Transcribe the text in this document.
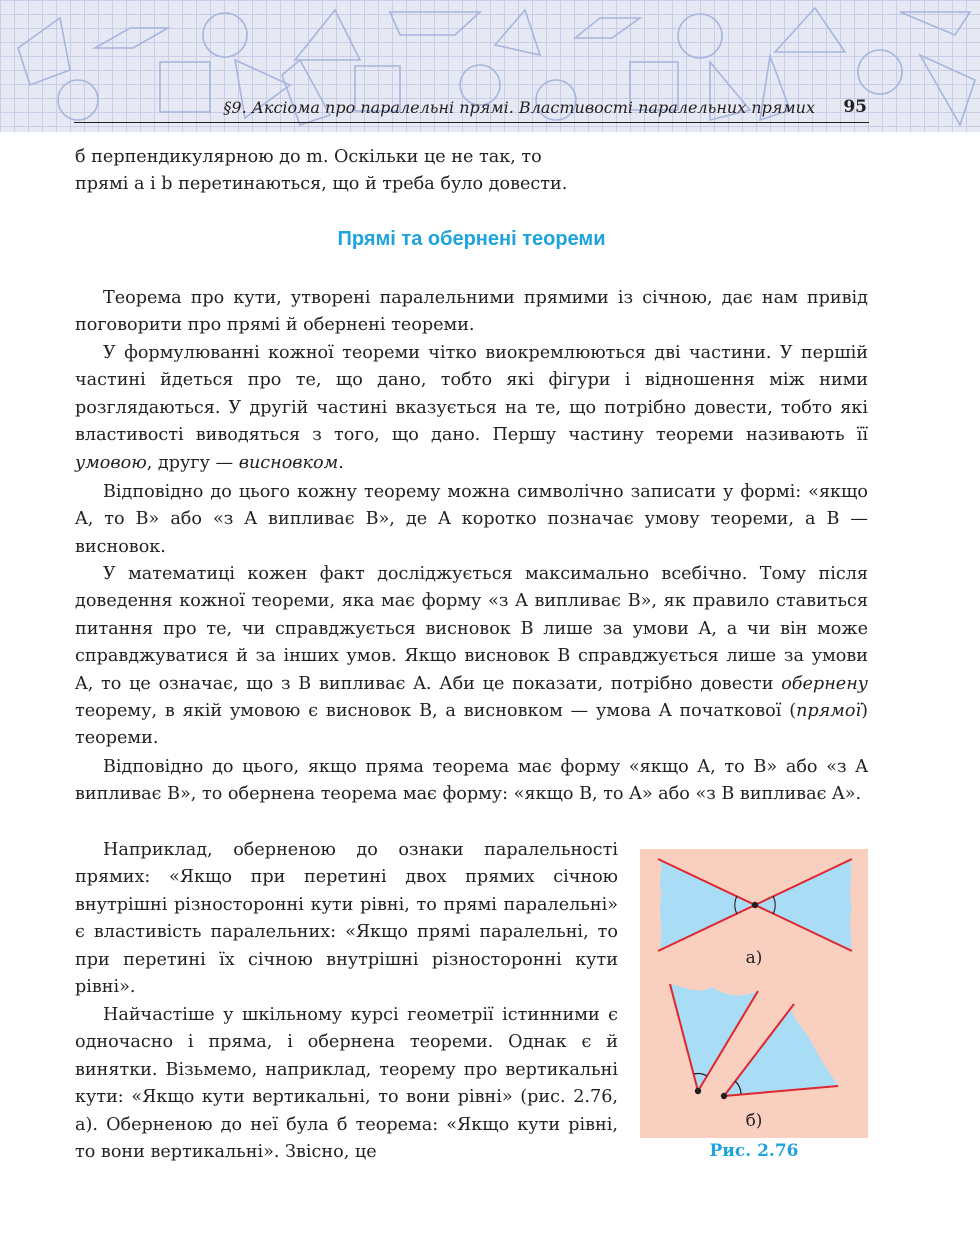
§9. Аксіома про паралельні прямі. Властивості паралельних прямих 95

б перпендикулярною до m. Оскільки це не так, то
прямі a і b перетинаються, що й треба було довести.

Прямі та обернені теореми

Теорема про кути, утворені паралельними прямими із січною, дає нам привід поговорити про прямі й обернені теореми.

У формулюванні кожної теореми чітко виокремлюються дві частини. У першій частині йдеться про те, що дано, тобто які фігури і відношення між ними розглядаються. У другій частині вказується на те, що потрібно довести, тобто які властивості виводяться з того, що дано. Першу частину теореми називають її умовою, другу — висновком.

Відповідно до цього кожну теорему можна символічно записати у формі: «якщо A, то B» або «з A випливає B», де A коротко позначає умову теореми, а B — висновок.

У математиці кожен факт досліджується максимально всебічно. Тому після доведення кожної теореми, яка має форму «з A випливає B», як правило ставиться питання про те, чи справджується висновок B лише за умови A, а чи він може справджуватися й за інших умов. Якщо висновок B справджується лише за умови A, то це означає, що з B випливає A. Аби це показати, потрібно довести обернену теорему, в якій умовою є висновок B, а висновком — умова A початкової (прямої) теореми.

Відповідно до цього, якщо пряма теорема має форму «якщо A, то B» або «з A випливає B», то обернена теорема має форму: «якщо B, то A» або «з B випливає A».

Наприклад, оберненою до ознаки паралельності прямих: «Якщо при перетині двох прямих січною внутрішні різносторонні кути рівні, то прямі паралельні» є властивість паралельних: «Якщо прямі паралельні, то при перетині їх січною внутрішні різносторонні кути рівні».

Найчастіше у шкільному курсі геометрії істинними є одночасно і пряма, і обернена теореми. Однак є й винятки. Візьмемо, наприклад, теорему про вертикальні кути: «Якщо кути вертикальні, то вони рівні» (рис. 2.76, а). Оберненою до неї була б теорема: «Якщо кути рівні, то вони вертикальні». Звісно, це

а)
б)
Рис. 2.76
